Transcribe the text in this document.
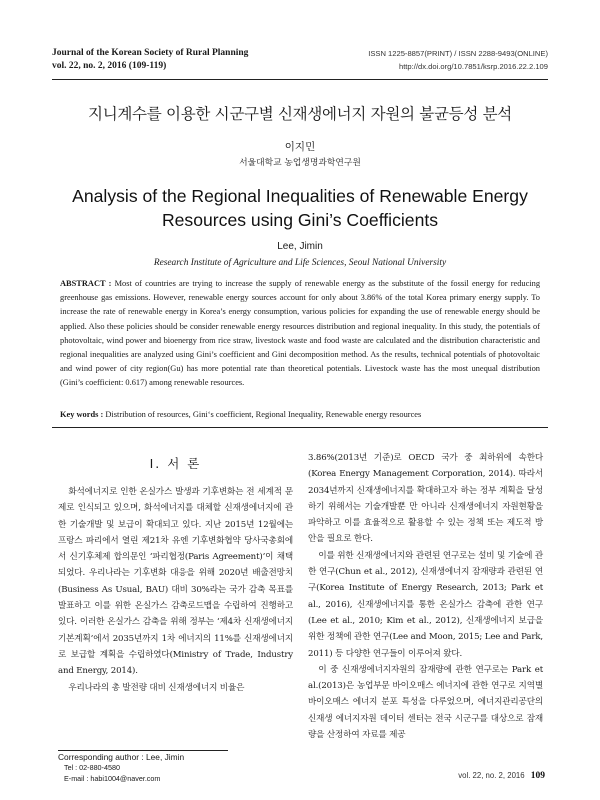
Journal of the Korean Society of Rural Planning
vol. 22, no. 2, 2016 (109-119)
ISSN 1225-8857(PRINT) / ISSN 2288-9493(ONLINE)
http://dx.doi.org/10.7851/ksrp.2016.22.2.109
지니계수를 이용한 시군구별 신재생에너지 자원의 불균등성 분석
이지민
서울대학교 농업생명과학연구원
Analysis of the Regional Inequalities of Renewable Energy
Resources using Gini’s Coefficients
Lee, Jimin
Research Institute of Agriculture and Life Sciences, Seoul National University
ABSTRACT : Most of countries are trying to increase the supply of renewable energy as the substitute of the fossil energy for reducing greenhouse gas emissions. However, renewable energy sources account for only about 3.86% of the total Korea primary energy supply. To increase the rate of renewable energy in Korea’s energy consumption, various policies for expanding the use of renewable energy should be applied. Also these policies should be consider renewable energy resources distribution and regional inequality. In this study, the potentials of photovoltaic, wind power and bioenergy from rice straw, livestock waste and food waste are calculated and the distribution characteristic and regional inequalities are analyzed using Gini’s coefficient and Gini decomposition method. As the results, technical potentials of photovoltaic and wind power of city region(Gu) has more potential rate than theoretical potentials. Livestock waste has the most unequal distribution (Gini’s coefficient: 0.617) among renewable resources.
Key words : Distribution of resources, Gini‘s coefficient, Regional Inequality, Renewable energy resources
Ⅰ. 서 론

화석에너지로 인한 온실가스 발생과 기후변화는 전 세계적 문제로 인식되고 있으며, 화석에너지를 대체할 신재생에너지에 관한 기술개발 및 보급이 확대되고 있다. 지난 2015년 12월에는 프랑스 파리에서 열린 제21차 유엔 기후변화협약 당사국총회에서 신기후체제 합의문인 ‘파리협정(Paris Agreement)’이 채택되었다. 우리나라는 기후변화 대응을 위해 2020년 배출전망치(Business As Usual, BAU) 대비 30%라는 국가 감축 목표를 발표하고 이를 위한 온실가스 감축로드맵을 수립하여 진행하고 있다. 이러한 온실가스 감축을 위해 정부는 ‘제4차 신재생에너지 기본계획’에서 2035년까지 1차 에너지의 11%를 신재생에너지로 보급할 계획을 수립하였다(Ministry of Trade, Industry and Energy, 2014).

우리나라의 총 발전량 대비 신재생에너지 비율은

3.86%(2013년 기준)로 OECD 국가 중 최하위에 속한다(Korea Energy Management Corporation, 2014). 따라서 2034년까지 신재생에너지를 확대하고자 하는 정부 계획을 달성하기 위해서는 기술개발뿐 만 아니라 신재생에너지 자원현황을 파악하고 이를 효율적으로 활용할 수 있는 정책 또는 제도적 방안을 필요로 한다.

이를 위한 신재생에너지와 관련된 연구로는 설비 및 기술에 관한 연구(Chun et al., 2012), 신재생에너지 잠재량과 관련된 연구(Korea Institute of Energy Research, 2013; Park et al., 2016), 신재생에너지를 통한 온실가스 감축에 관한 연구(Lee et al., 2010; Kim et al., 2012), 신재생에너지 보급을 위한 정책에 관한 연구(Lee and Moon, 2015; Lee and Park, 2011) 등 다양한 연구들이 이루어져 왔다.

이 중 신재생에너지자원의 잠재량에 관한 연구로는 Park et al.(2013)은 농업부문 바이오매스 에너지에 관한 연구로 지역별 바이오매스 에너지 분포 특성을 다루었으며, 에너지관리공단의 신재생 에너지자원 데이터 센터는 전국 시군구를 대상으로 잠재량을 산정하여 자료를 제공

Corresponding author : Lee, Jimin
Tel : 02-880-4580
E-mail : habi1004@naver.com	vol. 22, no. 2, 2016 109
